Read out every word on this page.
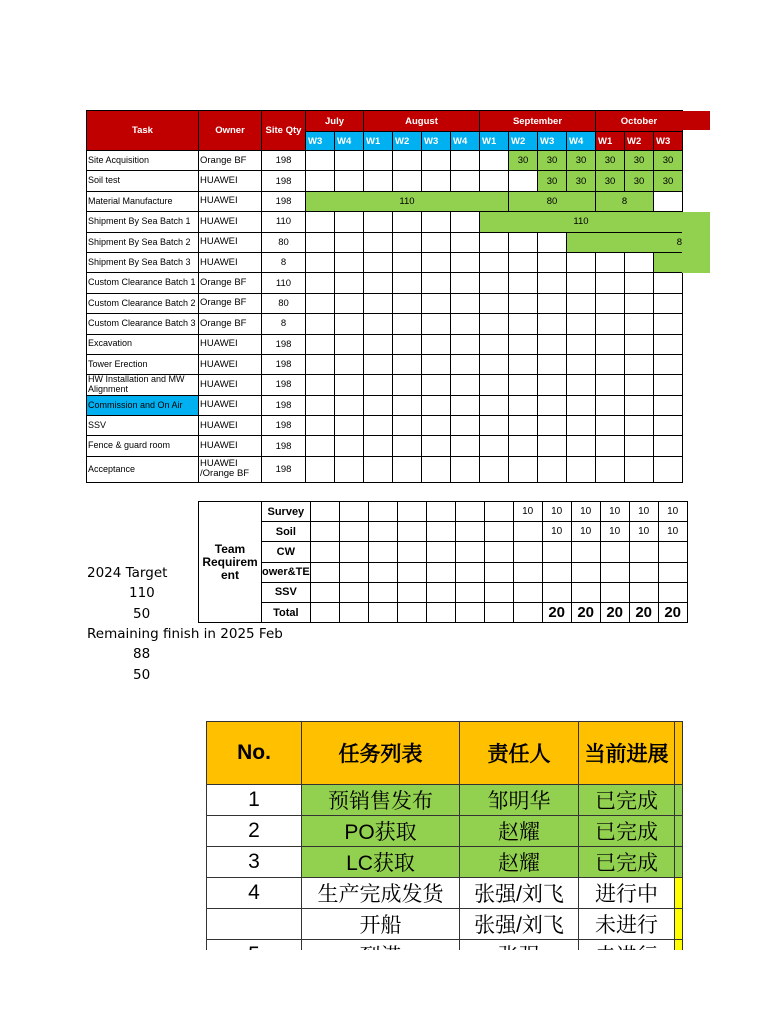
Task	Owner	Site Qty	July		August				September				October		
			W3	W4	W1	W2	W3	W4	W1	W2	W3	W4	W1	W2	W3
Site Acquisition	Orange BF	198								30	30	30	30	30	30
Soil test	HUAWEI	198									30	30	30	30	30
Material Manufacture	HUAWEI	198	110							80			8		
Shipment By Sea Batch 1	HUAWEI	110							110						
Shipment By Sea Batch 2	HUAWEI	80										8			
Shipment By Sea Batch 3	HUAWEI	8													
Custom Clearance Batch 1	Orange BF	110													
Custom Clearance Batch 2	Orange BF	80													
Custom Clearance Batch 3	Orange BF	8													
Excavation	HUAWEI	198													
Tower Erection	HUAWEI	198													
HW Installation and MW Alignment	HUAWEI	198													
Commission and On Air	HUAWEI	198													
SSV	HUAWEI	198													
Fence & guard room	HUAWEI	198													
Acceptance	HUAWEI /Orange BF	198													
Team Requirem ent	Survey								10	10	10	10	10	10
	Soil									10	10	10	10	10
	CW													
	ower&TE													
	SSV													
	Total									20	20	20	20	20
2024 Target
110
50
Remaining finish in 2025 Feb
88
50
No.	任务列表	责任人	当前进展	
1	预销售发布	邹明华	已完成	
2	PO获取	赵耀	已完成	
3	LC获取	赵耀	已完成	
4	生产完成发货	张强/刘飞	进行中	
	开船	张强/刘飞	未进行	
